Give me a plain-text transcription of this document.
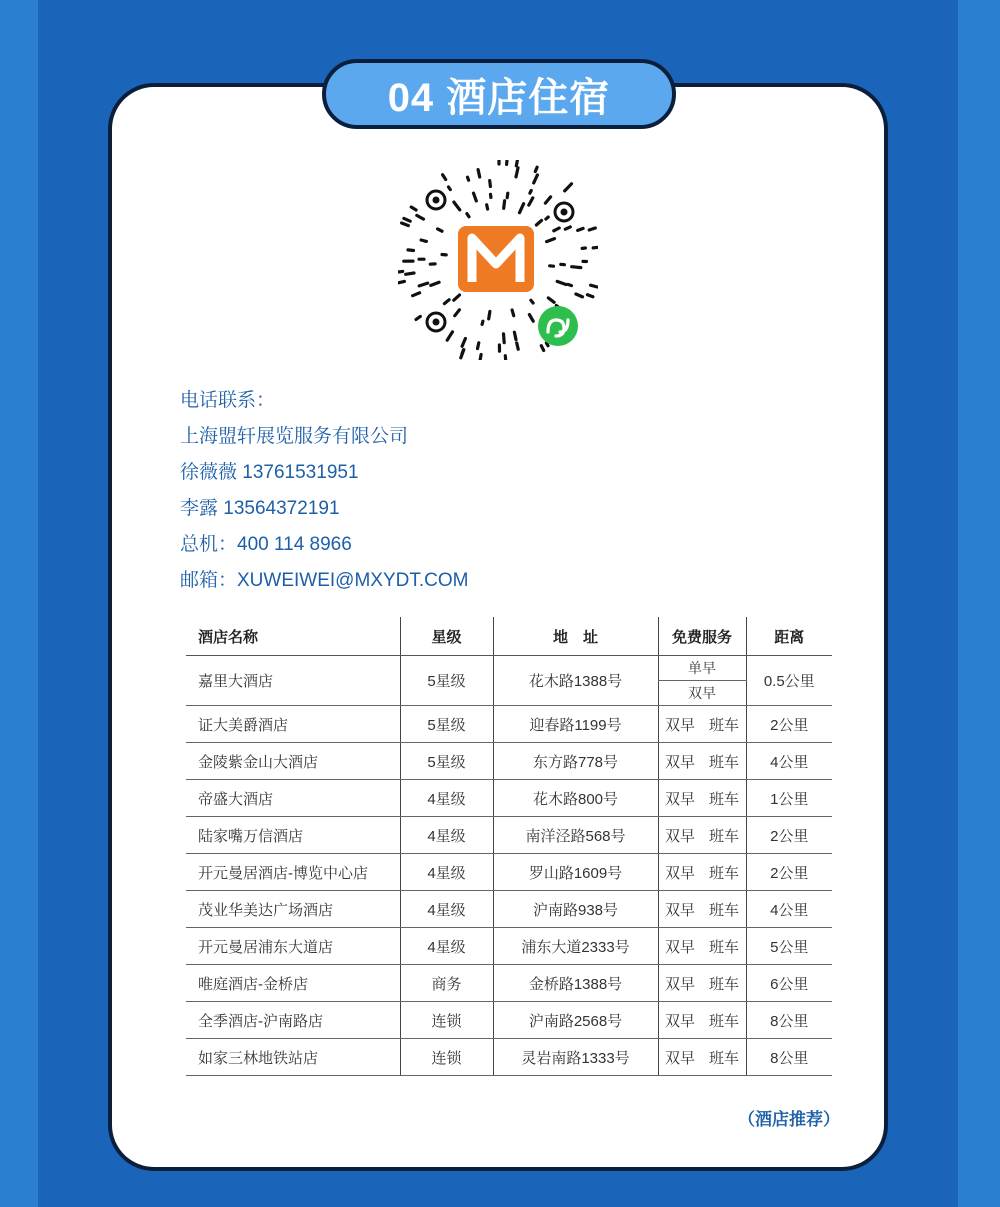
04 酒店住宿
电话联系：
上海盟轩展览服务有限公司
徐薇薇 13761531951
李露 13564372191
总机：400 114 8966
邮箱：XUWEIWEI@MXYDT.COM
酒店名称	星级	地　址	免费服务	距离
嘉里大酒店	5星级	花木路1388号	单早	0.5公里
			双早	
证大美爵酒店	5星级	迎春路1199号	双早 班车	2公里
金陵紫金山大酒店	5星级	东方路778号	双早 班车	4公里
帝盛大酒店	4星级	花木路800号	双早 班车	1公里
陆家嘴万信酒店	4星级	南洋泾路568号	双早 班车	2公里
开元曼居酒店-博览中心店	4星级	罗山路1609号	双早 班车	2公里
茂业华美达广场酒店	4星级	沪南路938号	双早 班车	4公里
开元曼居浦东大道店	4星级	浦东大道2333号	双早 班车	5公里
唯庭酒店-金桥店	商务	金桥路1388号	双早 班车	6公里
全季酒店-沪南路店	连锁	沪南路2568号	双早 班车	8公里
如家三林地铁站店	连锁	灵岩南路1333号	双早 班车	8公里
（酒店推荐）
